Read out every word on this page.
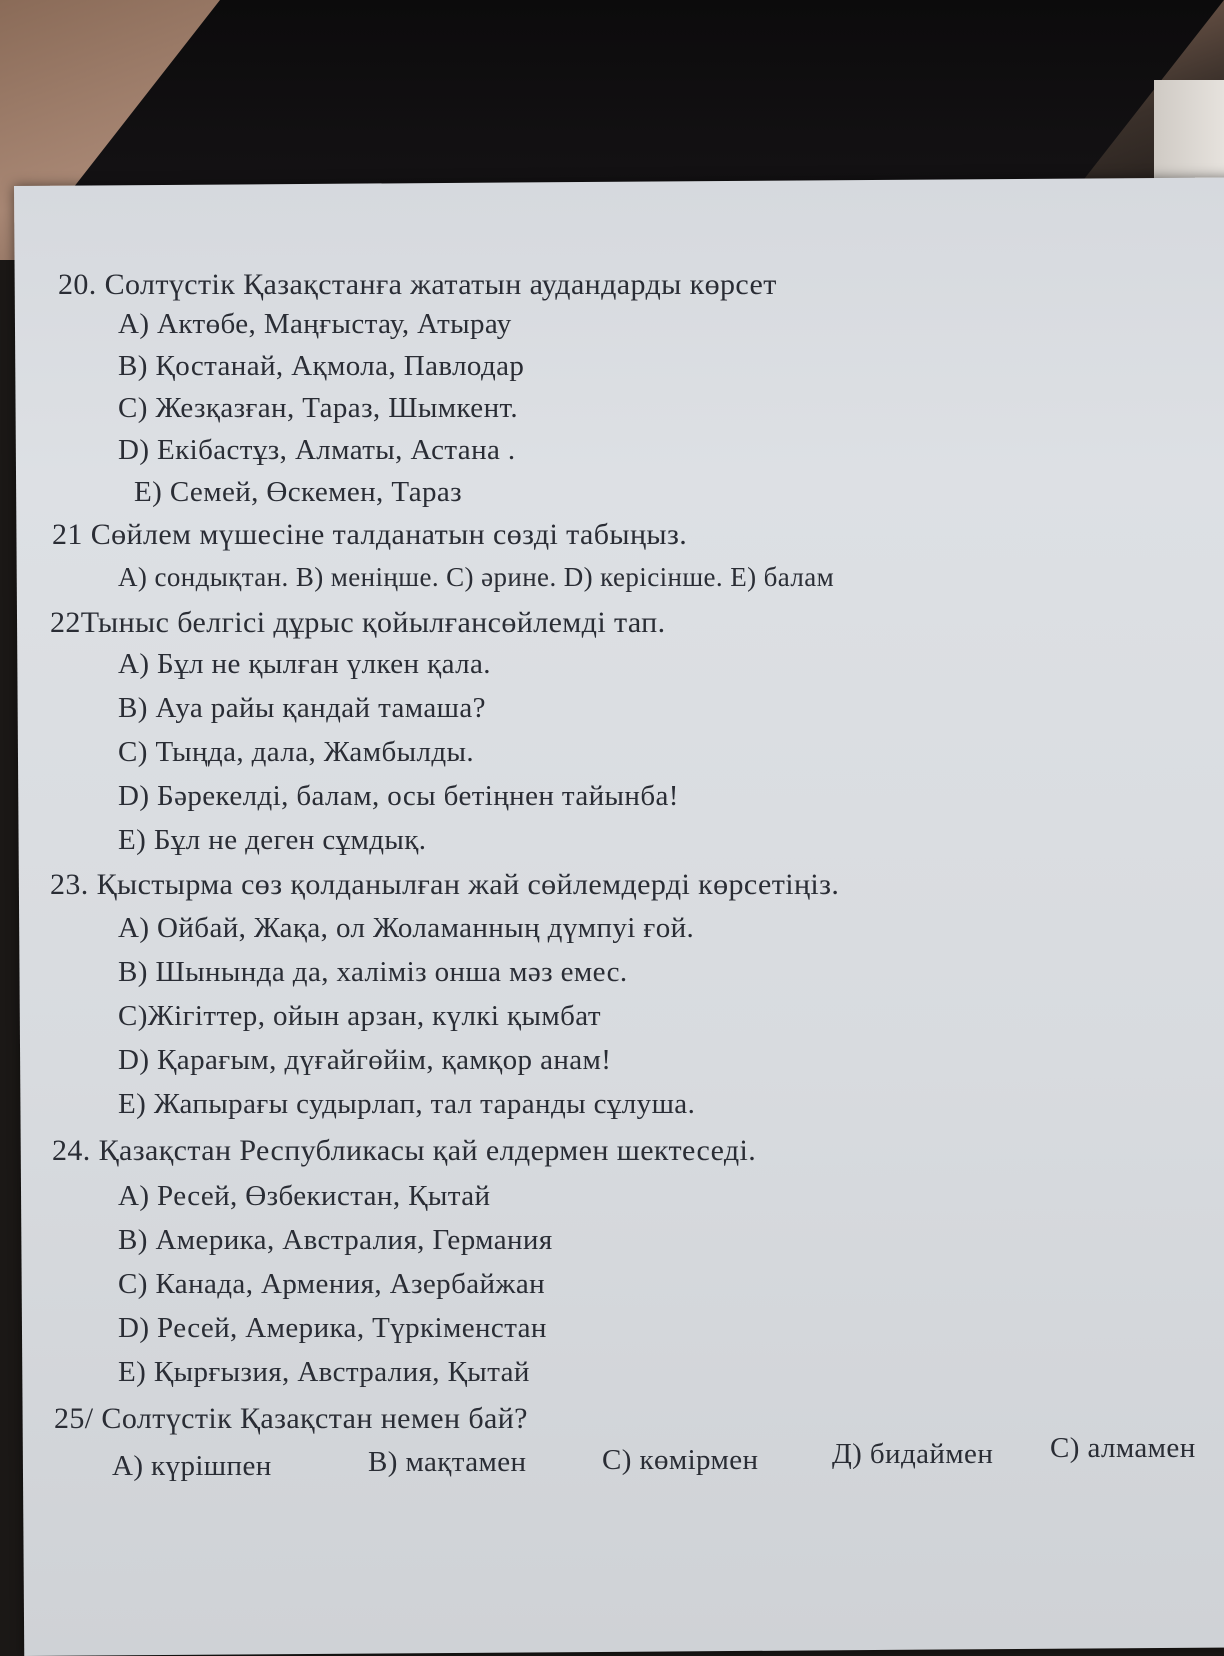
20. Солтүстік Қазақстанға жататын аудандарды көрсет
A) Актөбе, Маңғыстау, Атырау
B) Қостанай, Ақмола, Павлодар
C) Жезқазған, Тараз, Шымкент.
D) Екібастұз, Алматы, Астана .
E) Семей, Өскемен, Тараз
21 Сөйлем мүшесіне талданатын сөзді табыңыз.
A) сондықтан. B) меніңше. C) әрине. D) керісінше. E) балам
22Тыныс белгісі дұрыс қойылғансөйлемді тап.
A) Бұл не қылған үлкен қала.
B) Ауа райы қандай тамаша?
C) Тыңда, дала, Жамбылды.
D) Бәрекелді, балам, осы бетіңнен тайынба!
E) Бұл не деген сұмдық.
23. Қыстырма сөз қолданылған жай сөйлемдерді көрсетіңіз.
A) Ойбай, Жақа, ол Жоламанның дүмпуі ғой.
B) Шынында да, халіміз онша мәз емес.
C)Жігіттер, ойын арзан, күлкі қымбат
D) Қарағым, дүғайгөйім, қамқор анам!
E) Жапырағы судырлап, тал таранды сұлуша.
24. Қазақстан Республикасы қай елдермен шектеседі.
A) Ресей, Өзбекистан, Қытай
B) Америка, Австралия, Германия
C) Канада, Армения, Азербайжан
D) Ресей, Америка, Түркіменстан
E) Қырғызия, Австралия, Қытай
25/ Солтүстік Қазақстан немен бай?
A) күрішпен	B) мақтамен	C) көмірмен	Д) бидаймен C) алмамен
